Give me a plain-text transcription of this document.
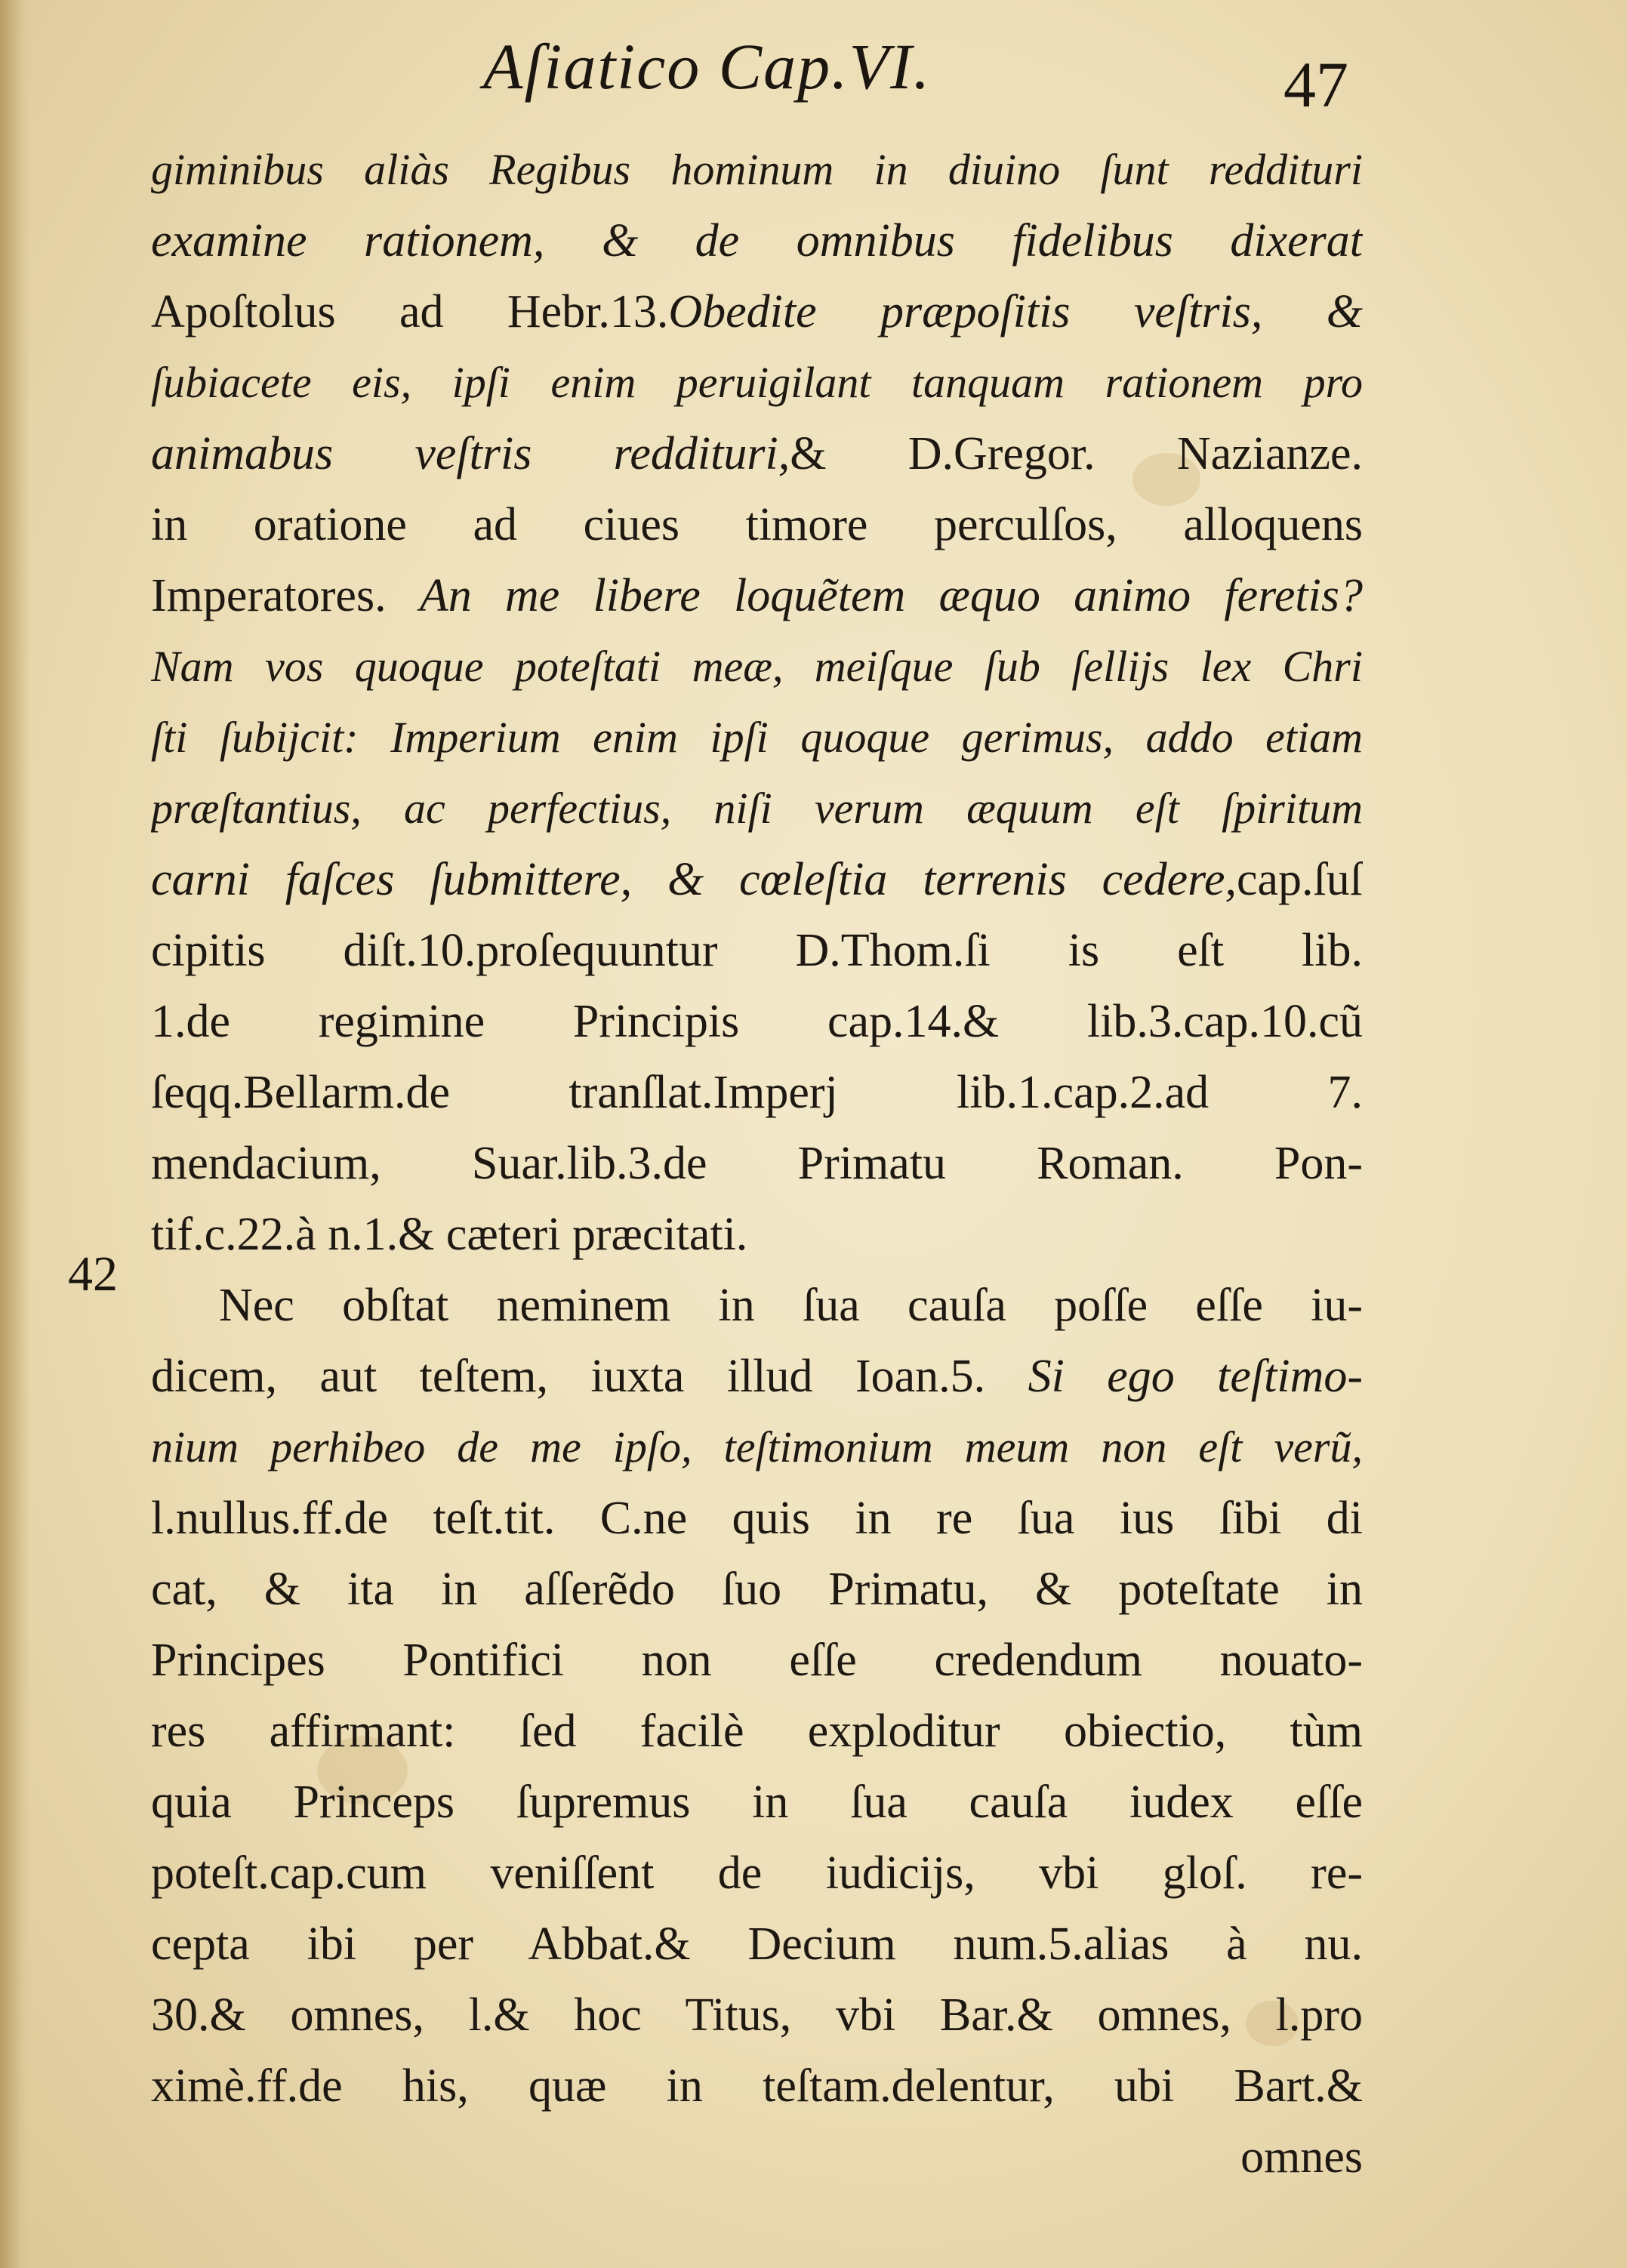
Aſiatico Cap.VI.	47
42
giminibus aliàs Regibus hominum in diuino ſunt reddituri
examine rationem, & de omnibus fidelibus dixerat
Apoſtolus ad Hebr.13.Obedite præpoſitis veſtris, &
ſubiacete eis, ipſi enim peruigilant tanquam rationem pro
animabus veſtris reddituri,& D.Gregor. Nazianze.
in oratione ad ciues timore perculſos, alloquens
Imperatores. An me libere loquẽtem æquo animo feretis?
Nam vos quoque poteſtati meæ, meiſque ſub ſellijs lex Chri
ſti ſubijcit: Imperium enim ipſi quoque gerimus, addo etiam
præſtantius, ac perfectius, niſi verum æquum eſt ſpiritum
carni faſces ſubmittere, & cœleſtia terrenis cedere,cap.ſuſ
cipitis diſt.10.proſequuntur D.Thom.ſi is eſt lib.
1.de regimine Principis cap.14.& lib.3.cap.10.cũ
ſeqq.Bellarm.de tranſlat.Imperj lib.1.cap.2.ad 7.
mendacium, Suar.lib.3.de Primatu Roman. Pon-
tif.c.22.à n.1.& cæteri præcitati.
Nec obſtat neminem in ſua cauſa poſſe eſſe iu-
dicem, aut teſtem, iuxta illud Ioan.5. Si ego teſtimo-
nium perhibeo de me ipſo, teſtimonium meum non eſt verũ,
l.nullus.ff.de teſt.tit. C.ne quis in re ſua ius ſibi di
cat, & ita in aſſerẽdo ſuo Primatu, & poteſtate in
Principes Pontifici non eſſe credendum nouato-
res affirmant: ſed facilè exploditur obiectio, tùm
quia Princeps ſupremus in ſua cauſa iudex eſſe
poteſt.cap.cum veniſſent de iudicijs, vbi gloſ. re-
cepta ibi per Abbat.& Decium num.5.alias à nu.
30.& omnes, l.& hoc Titus, vbi Bar.& omnes, l.pro
ximè.ff.de his, quæ in teſtam.delentur, ubi Bart.&
omnes
